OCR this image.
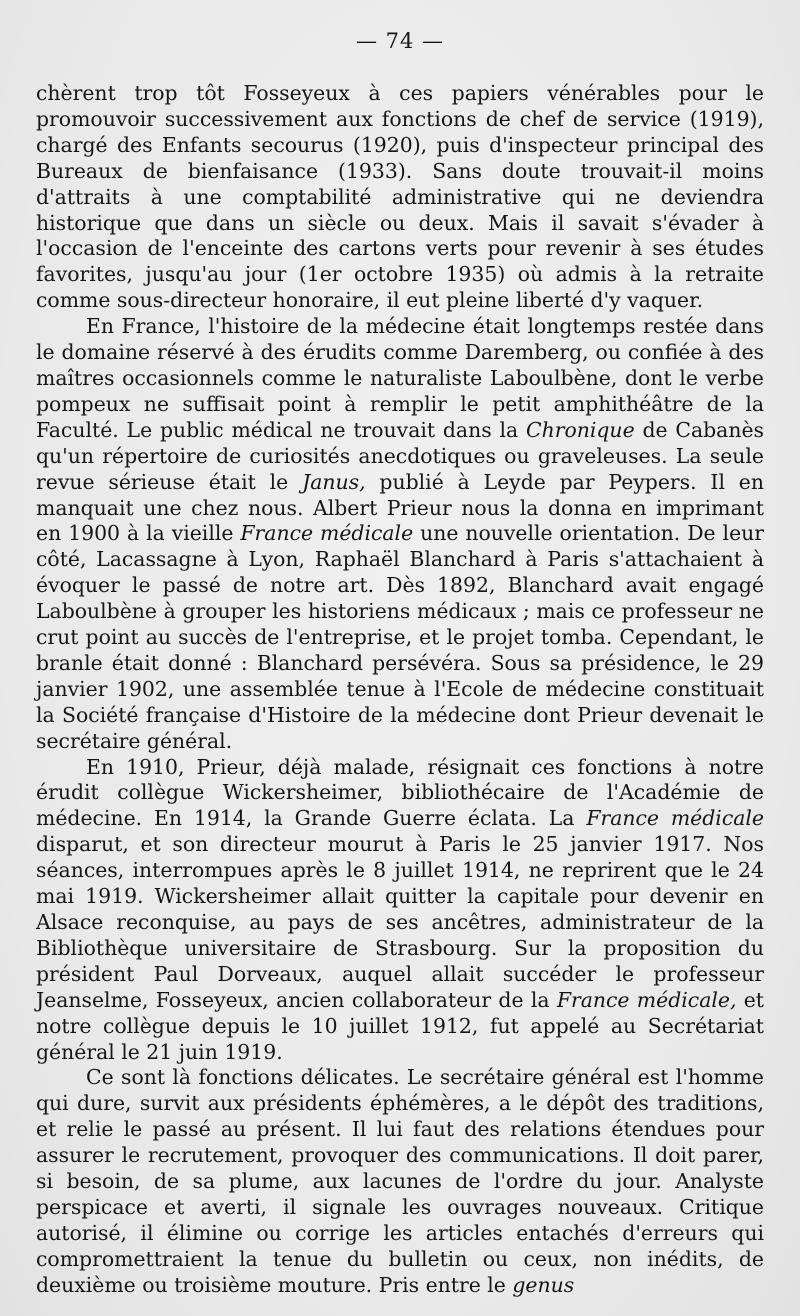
— 74 —

chèrent trop tôt Fosseyeux à ces papiers vénérables pour le promouvoir successivement aux fonctions de chef de service (1919), chargé des Enfants secourus (1920), puis d'inspecteur principal des Bureaux de bienfaisance (1933). Sans doute trouvait-il moins d'attraits à une comptabilité administrative qui ne deviendra historique que dans un siècle ou deux. Mais il savait s'évader à l'occasion de l'enceinte des cartons verts pour revenir à ses études favorites, jusqu'au jour (1er octobre 1935) où admis à la retraite comme sous-directeur honoraire, il eut pleine liberté d'y vaquer.

En France, l'histoire de la médecine était longtemps restée dans le domaine réservé à des érudits comme Daremberg, ou confiée à des maîtres occasionnels comme le naturaliste Laboulbène, dont le verbe pompeux ne suffisait point à remplir le petit amphithéâtre de la Faculté. Le public médical ne trouvait dans la Chronique de Cabanès qu'un répertoire de curiosités anecdotiques ou graveleuses. La seule revue sérieuse était le Janus, publié à Leyde par Peypers. Il en manquait une chez nous. Albert Prieur nous la donna en imprimant en 1900 à la vieille France médicale une nouvelle orientation. De leur côté, Lacassagne à Lyon, Raphaël Blanchard à Paris s'attachaient à évoquer le passé de notre art. Dès 1892, Blanchard avait engagé Laboulbène à grouper les historiens médicaux ; mais ce professeur ne crut point au succès de l'entreprise, et le projet tomba. Cependant, le branle était donné : Blanchard persévéra. Sous sa présidence, le 29 janvier 1902, une assemblée tenue à l'Ecole de médecine constituait la Société française d'Histoire de la médecine dont Prieur devenait le secrétaire général.

En 1910, Prieur, déjà malade, résignait ces fonctions à notre érudit collègue Wickersheimer, bibliothécaire de l'Académie de médecine. En 1914, la Grande Guerre éclata. La France médicale disparut, et son directeur mourut à Paris le 25 janvier 1917. Nos séances, interrompues après le 8 juillet 1914, ne reprirent que le 24 mai 1919. Wickersheimer allait quitter la capitale pour devenir en Alsace reconquise, au pays de ses ancêtres, administrateur de la Bibliothèque universitaire de Strasbourg. Sur la proposition du président Paul Dorveaux, auquel allait succéder le professeur Jeanselme, Fosseyeux, ancien collaborateur de la France médicale, et notre collègue depuis le 10 juillet 1912, fut appelé au Secrétariat général le 21 juin 1919.

Ce sont là fonctions délicates. Le secrétaire général est l'homme qui dure, survit aux présidents éphémères, a le dépôt des traditions, et relie le passé au présent. Il lui faut des relations étendues pour assurer le recrutement, provoquer des communications. Il doit parer, si besoin, de sa plume, aux lacunes de l'ordre du jour. Analyste perspicace et averti, il signale les ouvrages nouveaux. Critique autorisé, il élimine ou corrige les articles entachés d'erreurs qui compromettraient la tenue du bulletin ou ceux, non inédits, de deuxième ou troisième mouture. Pris entre le genus
